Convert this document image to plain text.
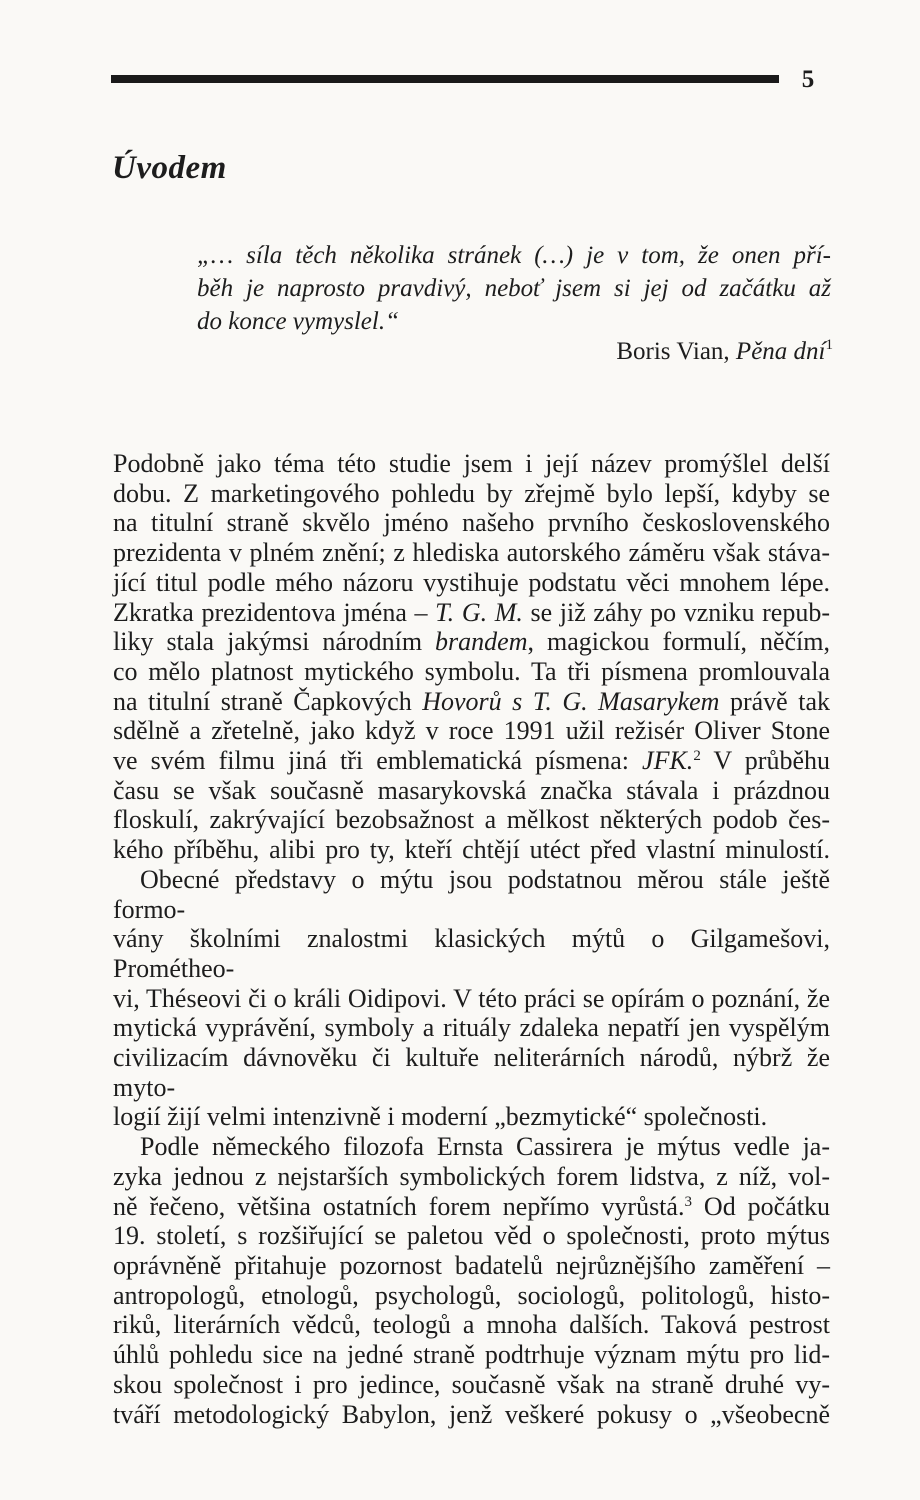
5
Úvodem
„… síla těch několika stránek (…) je v tom, že onen pří-
běh je naprosto pravdivý, neboť jsem si jej od začátku až
do konce vymyslel.“
Boris Vian, Pěna dní$^1$
Podobně jako téma této studie jsem i její název promýšlel delší
dobu. Z marketingového pohledu by zřejmě bylo lepší, kdyby se
na titulní straně skvělo jméno našeho prvního československého
prezidenta v plném znění; z hlediska autorského záměru však stáva-
jící titul podle mého názoru vystihuje podstatu věci mnohem lépe.
Zkratka prezidentova jména – T. G. M. se již záhy po vzniku repub-
liky stala jakýmsi národním brandem, magickou formulí, něčím,
co mělo platnost mytického symbolu. Ta tři písmena promlouvala
na titulní straně Čapkových Hovorů s T. G. Masarykem právě tak
sdělně a zřetelně, jako když v roce 1991 užil režisér Oliver Stone
ve svém filmu jiná tři emblematická písmena: JFK.$^2$ V průběhu
času se však současně masarykovská značka stávala i prázdnou
floskulí, zakrývající bezobsažnost a mělkost některých podob čes-
kého příběhu, alibi pro ty, kteří chtějí utéct před vlastní minulostí.
Obecné představy o mýtu jsou podstatnou měrou stále ještě formo-
vány školními znalostmi klasických mýtů o Gilgamešovi, Prométheo-
vi, Théseovi či o králi Oidipovi. V této práci se opírám o poznání, že
mytická vyprávění, symboly a rituály zdaleka nepatří jen vyspělým
civilizacím dávnověku či kultuře neliterárních národů, nýbrž že myto-
logií žijí velmi intenzivně i moderní „bezmytické“ společnosti.
Podle německého filozofa Ernsta Cassirera je mýtus vedle ja-
zyka jednou z nejstarších symbolických forem lidstva, z níž, vol-
ně řečeno, většina ostatních forem nepřímo vyrůstá.$^3$ Od počátku
19. století, s rozšiřující se paletou věd o společnosti, proto mýtus
oprávněně přitahuje pozornost badatelů nejrůznějšího zaměření –
antropologů, etnologů, psychologů, sociologů, politologů, histo-
riků, literárních vědců, teologů a mnoha dalších. Taková pestrost
úhlů pohledu sice na jedné straně podtrhuje význam mýtu pro lid-
skou společnost i pro jedince, současně však na straně druhé vy-
tváří metodologický Babylon, jenž veškeré pokusy o „všeobecně
